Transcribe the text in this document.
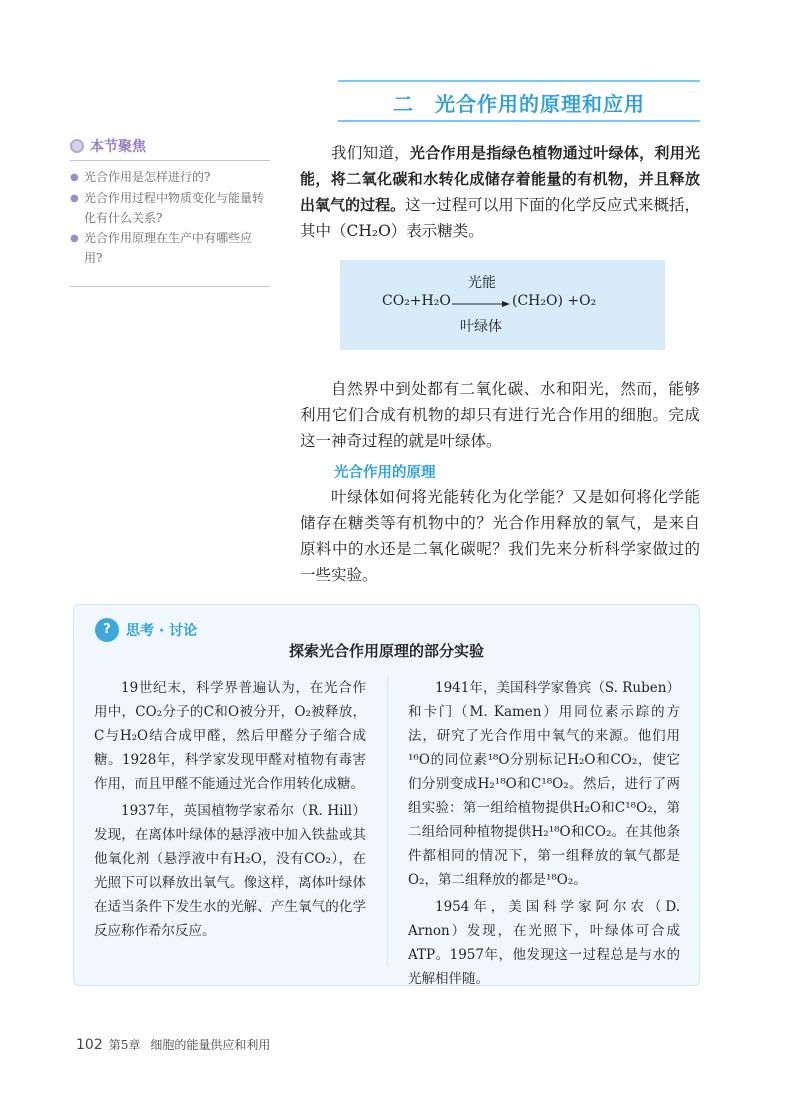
二　光合作用的原理和应用
本节聚焦
● 光合作用是怎样进行的?
● 光合作用过程中物质变化与能量转化有什么关系?
● 光合作用原理在生产中有哪些应用?
我们知道，光合作用是指绿色植物通过叶绿体，利用光能，将二氧化碳和水转化成储存着能量的有机物，并且释放出氧气的过程。这一过程可以用下面的化学反应式来概括，其中（CH₂O）表示糖类。
光能
CO₂+H₂O → (CH₂O) +O₂
叶绿体
自然界中到处都有二氧化碳、水和阳光，然而，能够利用它们合成有机物的却只有进行光合作用的细胞。完成这一神奇过程的就是叶绿体。
光合作用的原理
叶绿体如何将光能转化为化学能？又是如何将化学能储存在糖类等有机物中的？光合作用释放的氧气，是来自原料中的水还是二氧化碳呢？我们先来分析科学家做过的一些实验。
?	思考 · 讨论
探索光合作用原理的部分实验

19世纪末，科学界普遍认为，在光合作用中，CO₂分子的C和O被分开，O₂被释放，C与H₂O结合成甲醛，然后甲醛分子缩合成糖。1928年，科学家发现甲醛对植物有毒害作用，而且甲醛不能通过光合作用转化成糖。

1937年，英国植物学家希尔（R. Hill）发现，在离体叶绿体的悬浮液中加入铁盐或其他氧化剂（悬浮液中有H₂O，没有CO₂），在光照下可以释放出氧气。像这样，离体叶绿体在适当条件下发生水的光解、产生氧气的化学反应称作希尔反应。

1941年，美国科学家鲁宾（S. Ruben）和卡门（M. Kamen）用同位素示踪的方法，研究了光合作用中氧气的来源。他们用¹⁶O的同位素¹⁸O分别标记H₂O和CO₂，使它们分别变成H₂¹⁸O和C¹⁸O₂。然后，进行了两组实验：第一组给植物提供H₂O和C¹⁸O₂，第二组给同种植物提供H₂¹⁸O和CO₂。在其他条件都相同的情况下，第一组释放的氧气都是O₂，第二组释放的都是¹⁸O₂。

1954年，美国科学家阿尔农（D. Arnon）发现，在光照下，叶绿体可合成ATP。1957年，他发现这一过程总是与水的光解相伴随。

102 第5章 细胞的能量供应和利用
